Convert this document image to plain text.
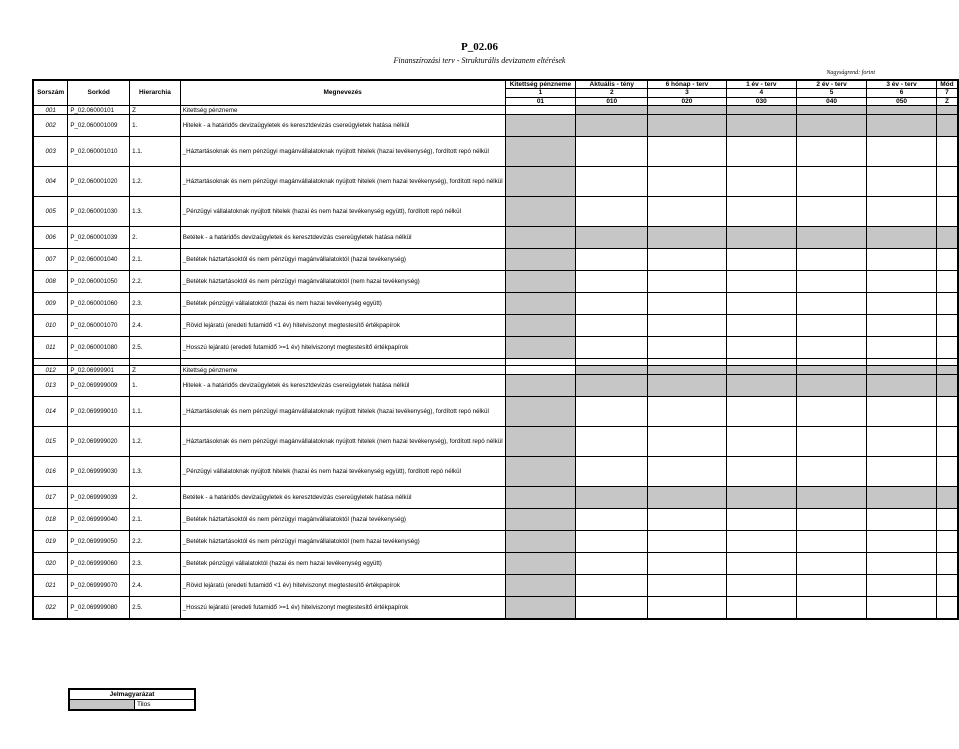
P_02.06
Finanszírozási terv - Strukturális devizanem eltérések
Nagyságrend: forint
Sorszám	Sorkód	Hierarchia	Megnevezés	Kitettség pénzneme	Aktuális - tény	6 hónap - terv	1 év - terv	2 év - terv	3 év - terv	Mód
				1	2	3	4	5	6	7
				01	010	020	030	040	050	Z
001	P_02.06000101	Z	Kitettség pénzneme							
002	P_02.060001009	1.	Hitelek - a határidős devizaügyletek és keresztdevizás csereügyletek hatása nélkül							
003	P_02.060001010	1.1.	_Háztartásoknak és nem pénzügyi magánvállalatoknak nyújtott hitelek (hazai tevékenység), fordított repó nélkül							
004	P_02.060001020	1.2.	_Háztartásoknak és nem pénzügyi magánvállalatoknak nyújtott hitelek (nem hazai tevékenység), fordított repó nélkül							
005	P_02.060001030	1.3.	_Pénzügyi vállalatoknak nyújtott hitelek (hazai és nem hazai tevékenység együtt), fordított repó nélkül							
006	P_02.060001039	2.	Betétek - a határidős devizaügyletek és keresztdevizás csereügyletek hatása nélkül							
007	P_02.060001040	2.1.	_Betétek háztartásoktól és nem pénzügyi magánvállalatoktól (hazai tevékenység)							
008	P_02.060001050	2.2.	_Betétek háztartásoktól és nem pénzügyi magánvállalatoktól (nem hazai tevékenység)							
009	P_02.060001060	2.3.	_Betétek pénzügyi vállalatoktól (hazai és nem hazai tevékenység együtt)							
010	P_02.060001070	2.4.	_Rövid lejáratú (eredeti futamidő <1 év) hitelviszonyt megtestesítő értékpapírok							
011	P_02.060001080	2.5.	_Hosszú lejáratú (eredeti futamidő >=1 év) hitelviszonyt megtestesítő értékpapírok							

012	P_02.06999901	Z	Kitettség pénzneme							
013	P_02.069999009	1.	Hitelek - a határidős devizaügyletek és keresztdevizás csereügyletek hatása nélkül							
014	P_02.069999010	1.1.	_Háztartásoknak és nem pénzügyi magánvállalatoknak nyújtott hitelek (hazai tevékenység), fordított repó nélkül							
015	P_02.069999020	1.2.	_Háztartásoknak és nem pénzügyi magánvállalatoknak nyújtott hitelek (nem hazai tevékenység), fordított repó nélkül							
016	P_02.069999030	1.3.	_Pénzügyi vállalatoknak nyújtott hitelek (hazai és nem hazai tevékenység együtt), fordított repó nélkül							
017	P_02.069999039	2.	Betétek - a határidős devizaügyletek és keresztdevizás csereügyletek hatása nélkül							
018	P_02.069999040	2.1.	_Betétek háztartásoktól és nem pénzügyi magánvállalatoktól (hazai tevékenység)							
019	P_02.069999050	2.2.	_Betétek háztartásoktól és nem pénzügyi magánvállalatoktól (nem hazai tevékenység)							
020	P_02.069999060	2.3.	_Betétek pénzügyi vállalatoktól (hazai és nem hazai tevékenység együtt)							
021	P_02.069999070	2.4.	_Rövid lejáratú (eredeti futamidő <1 év) hitelviszonyt megtestesítő értékpapírok							
022	P_02.069999080	2.5.	_Hosszú lejáratú (eredeti futamidő >=1 év) hitelviszonyt megtestesítő értékpapírok							
Jelmagyarázat
	Tilos
